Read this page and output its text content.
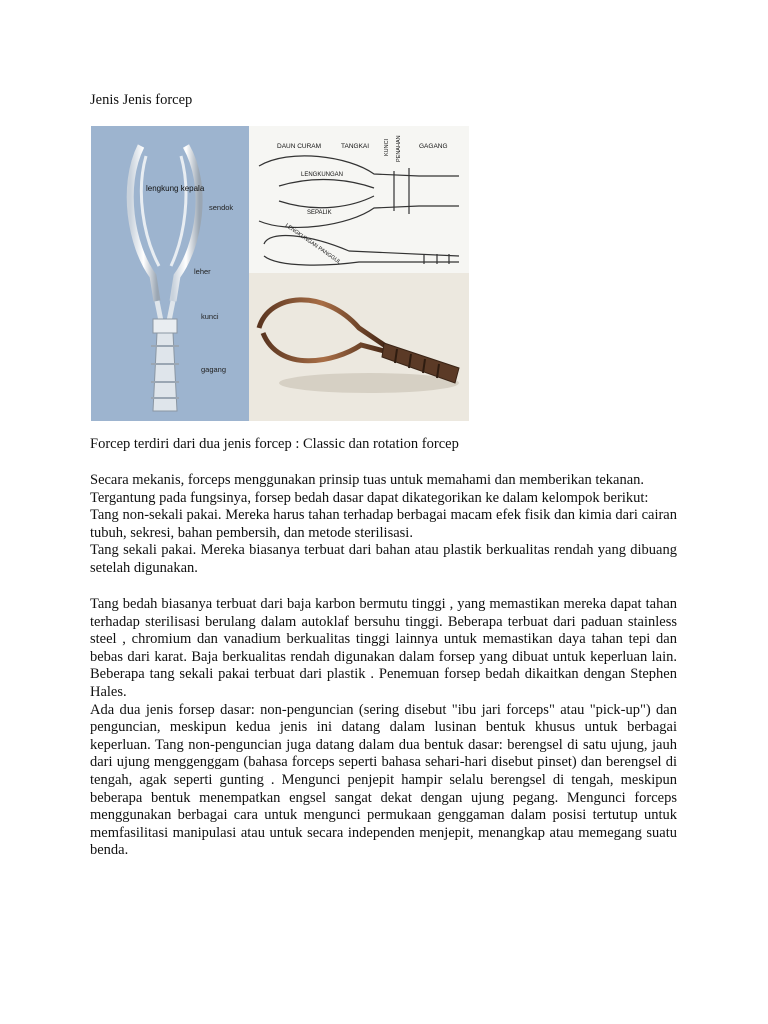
Jenis Jenis forcep
lengkung kepala
sendok
leher
kunci
gagang
DAUN CURAM	TANGKAI	KUNCI PENAHAN	GAGANG
LENGKUNGAN
SEPALIK
LENGKUNGAN PANGGUL
Forcep terdiri dari dua jenis forcep : Classic dan rotation forcep

Secara mekanis, forceps menggunakan prinsip tuas untuk memahami dan memberikan tekanan.

Tergantung pada fungsinya, forsep bedah dasar dapat dikategorikan ke dalam kelompok berikut:

Tang non-sekali pakai. Mereka harus tahan terhadap berbagai macam efek fisik dan kimia dari cairan tubuh, sekresi, bahan pembersih, dan metode sterilisasi.

Tang sekali pakai. Mereka biasanya terbuat dari bahan atau plastik berkualitas rendah yang dibuang setelah digunakan.

Tang bedah biasanya terbuat dari baja karbon bermutu tinggi , yang memastikan mereka dapat tahan terhadap sterilisasi berulang dalam autoklaf bersuhu tinggi. Beberapa terbuat dari paduan stainless steel , chromium dan vanadium berkualitas tinggi lainnya untuk memastikan daya tahan tepi dan bebas dari karat. Baja berkualitas rendah digunakan dalam forsep yang dibuat untuk keperluan lain. Beberapa tang sekali pakai terbuat dari plastik . Penemuan forsep bedah dikaitkan dengan Stephen Hales.

Ada dua jenis forsep dasar: non-penguncian (sering disebut "ibu jari forceps" atau "pick-up") dan penguncian, meskipun kedua jenis ini datang dalam lusinan bentuk khusus untuk berbagai keperluan. Tang non-penguncian juga datang dalam dua bentuk dasar: berengsel di satu ujung, jauh dari ujung menggenggam (bahasa forceps seperti bahasa sehari-hari disebut pinset) dan berengsel di tengah, agak seperti gunting . Mengunci penjepit hampir selalu berengsel di tengah, meskipun beberapa bentuk menempatkan engsel sangat dekat dengan ujung pegang. Mengunci forceps menggunakan berbagai cara untuk mengunci permukaan genggaman dalam posisi tertutup untuk memfasilitasi manipulasi atau untuk secara independen menjepit, menangkap atau memegang suatu benda.
